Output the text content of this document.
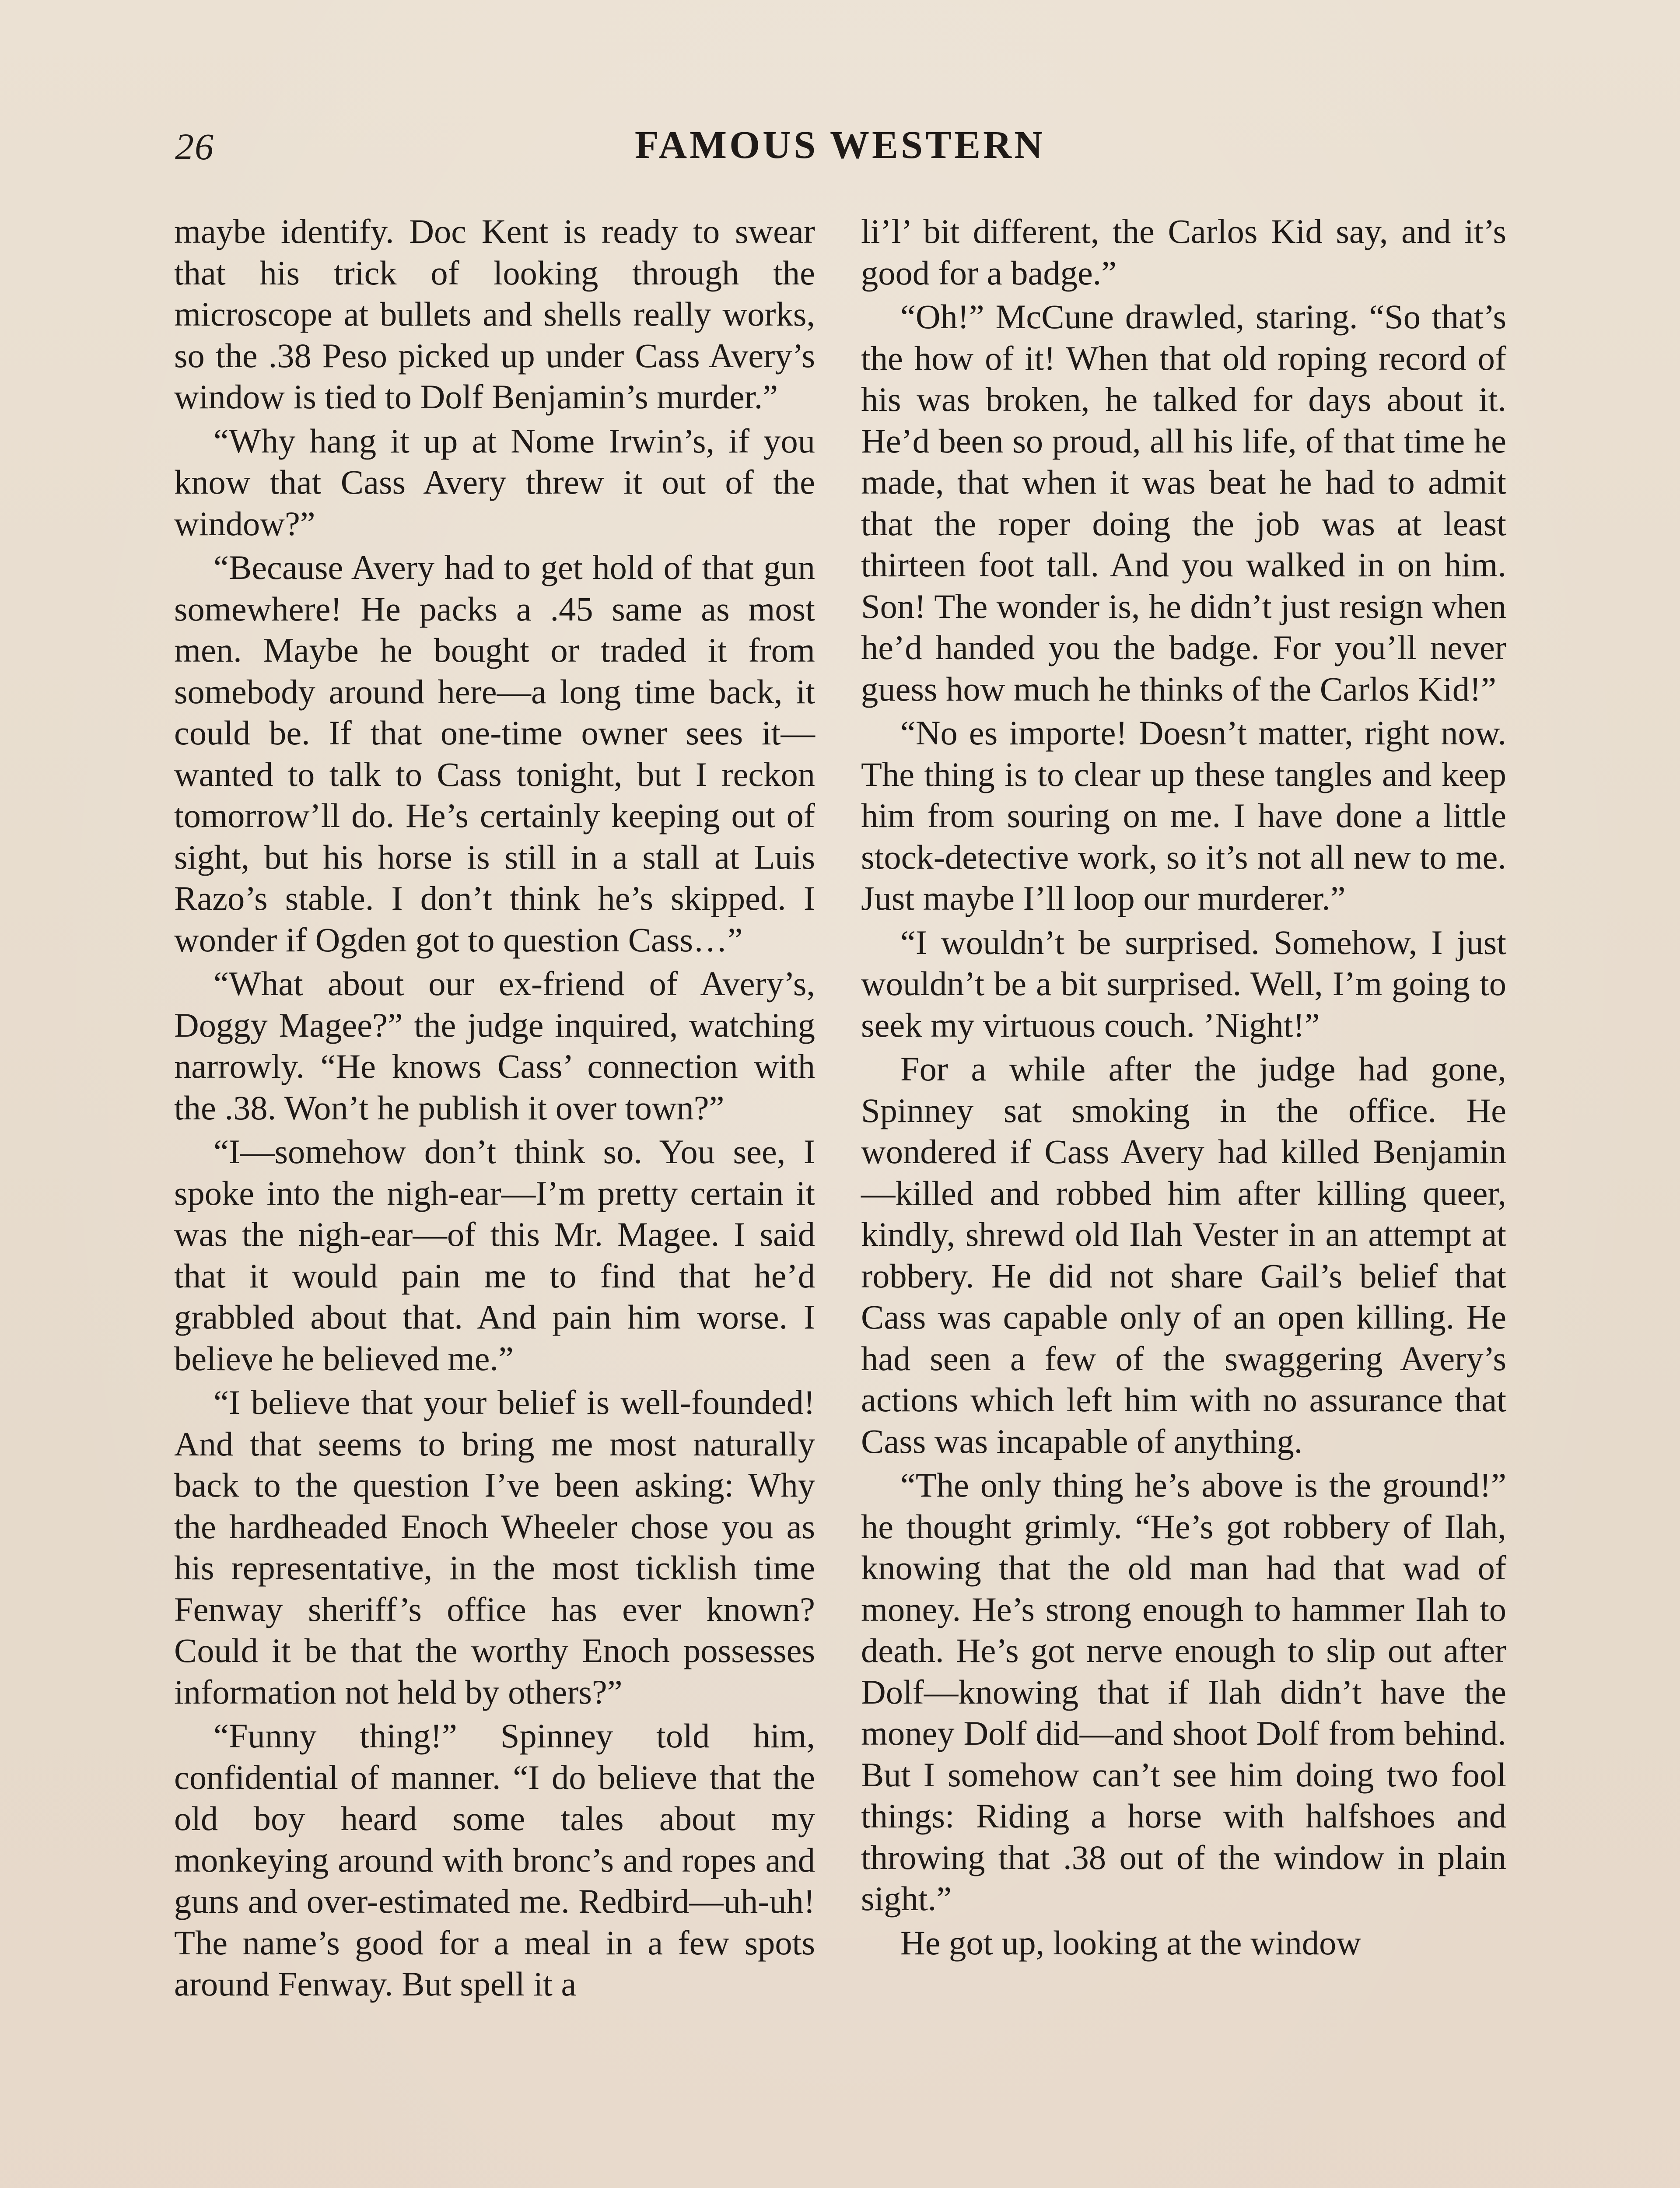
26	FAMOUS WESTERN

maybe identify. Doc Kent is ready to swear that his trick of looking through the microscope at bullets and shells really works, so the .38 Peso picked up under Cass Avery’s window is tied to Dolf Benjamin’s murder.”

“Why hang it up at Nome Irwin’s, if you know that Cass Avery threw it out of the window?”

“Because Avery had to get hold of that gun somewhere! He packs a .45 same as most men. Maybe he bought or traded it from somebody around here—a long time back, it could be. If that one-time owner sees it—wanted to talk to Cass tonight, but I reckon tomorrow’ll do. He’s certainly keeping out of sight, but his horse is still in a stall at Luis Razo’s stable. I don’t think he’s skipped. I wonder if Ogden got to question Cass…”

“What about our ex-friend of Avery’s, Doggy Magee?” the judge inquired, watching narrowly. “He knows Cass’ connection with the .38. Won’t he publish it over town?”

“I—somehow don’t think so. You see, I spoke into the nigh-ear—I’m pretty certain it was the nigh-ear—of this Mr. Magee. I said that it would pain me to find that he’d grabbled about that. And pain him worse. I believe he believed me.”

“I believe that your belief is well-founded! And that seems to bring me most naturally back to the question I’ve been asking: Why the hardheaded Enoch Wheeler chose you as his representative, in the most ticklish time Fenway sheriff’s office has ever known? Could it be that the worthy Enoch possesses information not held by others?”

“Funny thing!” Spinney told him, confidential of manner. “I do believe that the old boy heard some tales about my monkeying around with bronc’s and ropes and guns and over-estimated me. Redbird—uh-uh! The name’s good for a meal in a few spots around Fenway. But spell it a

li’l’ bit different, the Carlos Kid say, and it’s good for a badge.”

“Oh!” McCune drawled, staring. “So that’s the how of it! When that old roping record of his was broken, he talked for days about it. He’d been so proud, all his life, of that time he made, that when it was beat he had to admit that the roper doing the job was at least thirteen foot tall. And you walked in on him. Son! The wonder is, he didn’t just resign when he’d handed you the badge. For you’ll never guess how much he thinks of the Carlos Kid!”

“No es importe! Doesn’t matter, right now. The thing is to clear up these tangles and keep him from souring on me. I have done a little stock-detective work, so it’s not all new to me. Just maybe I’ll loop our murderer.”

“I wouldn’t be surprised. Somehow, I just wouldn’t be a bit surprised. Well, I’m going to seek my virtuous couch. ’Night!”

For a while after the judge had gone, Spinney sat smoking in the office. He wondered if Cass Avery had killed Benjamin—killed and robbed him after killing queer, kindly, shrewd old Ilah Vester in an attempt at robbery. He did not share Gail’s belief that Cass was capable only of an open killing. He had seen a few of the swaggering Avery’s actions which left him with no assurance that Cass was incapable of anything.

“The only thing he’s above is the ground!” he thought grimly. “He’s got robbery of Ilah, knowing that the old man had that wad of money. He’s strong enough to hammer Ilah to death. He’s got nerve enough to slip out after Dolf—knowing that if Ilah didn’t have the money Dolf did—and shoot Dolf from behind. But I somehow can’t see him doing two fool things: Riding a horse with halfshoes and throwing that .38 out of the window in plain sight.”

He got up, looking at the window
